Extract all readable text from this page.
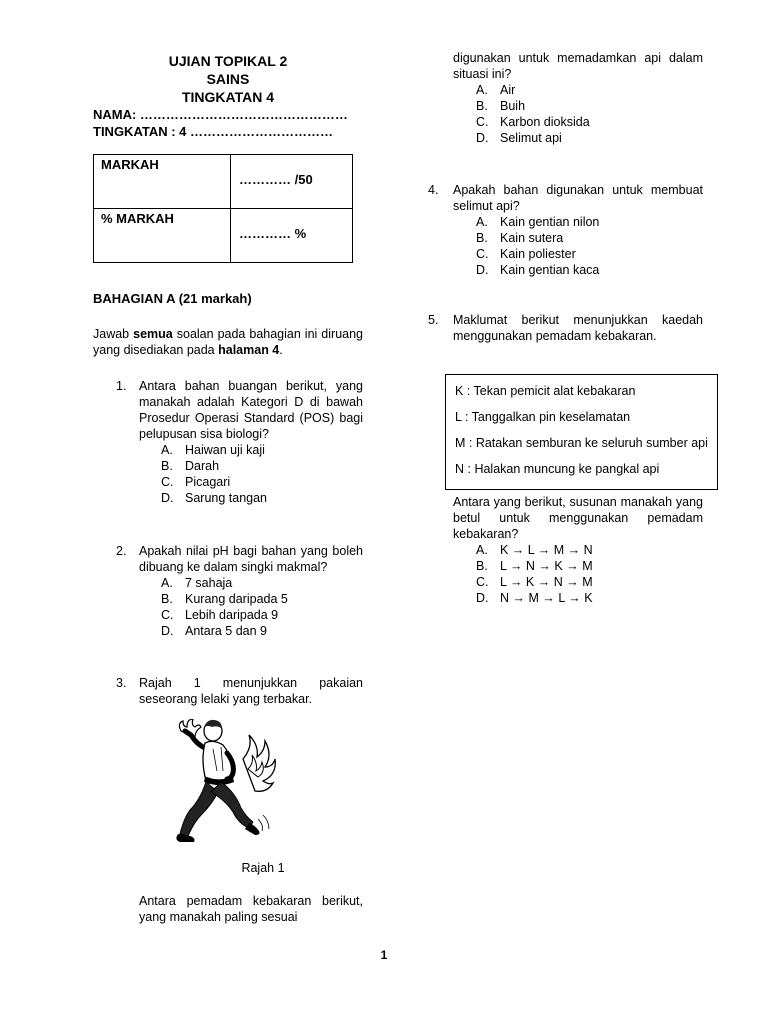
UJIAN TOPIKAL 2
SAINS
TINGKATAN 4
NAMA: …………………………………………
TINGKATAN : 4 ……………………………
MARKAH	………… /50
% MARKAH	………… %
BAHAGIAN A (21 markah)
Jawab semua soalan pada bahagian ini diruang yang disediakan pada halaman 4.
1. Antara bahan buangan berikut, yang manakah adalah Kategori D di bawah Prosedur Operasi Standard (POS) bagi pelupusan sisa biologi?
A. Haiwan uji kaji
B. Darah
C. Picagari
D. Sarung tangan
2. Apakah nilai pH bagi bahan yang boleh dibuang ke dalam singki makmal?
A. 7 sahaja
B. Kurang daripada 5
C. Lebih daripada 9
D. Antara 5 dan 9
3. Rajah 1 menunjukkan pakaian seseorang lelaki yang terbakar.
Rajah 1
Antara pemadam kebakaran berikut, yang manakah paling sesuai
digunakan untuk memadamkan api dalam situasi ini?
A. Air
B. Buih
C. Karbon dioksida
D. Selimut api
4. Apakah bahan digunakan untuk membuat selimut api?
A. Kain gentian nilon
B. Kain sutera
C. Kain poliester
D. Kain gentian kaca
5. Maklumat berikut menunjukkan kaedah menggunakan pemadam kebakaran.
K : Tekan pemicit alat kebakaran
L : Tanggalkan pin keselamatan
M : Ratakan semburan ke seluruh sumber api
N : Halakan muncung ke pangkal api
Antara yang berikut, susunan manakah yang betul untuk menggunakan pemadam kebakaran?
A. K → L → M → N
B. L → N → K → M
C. L → K → N → M
D. N → M → L → K
1
